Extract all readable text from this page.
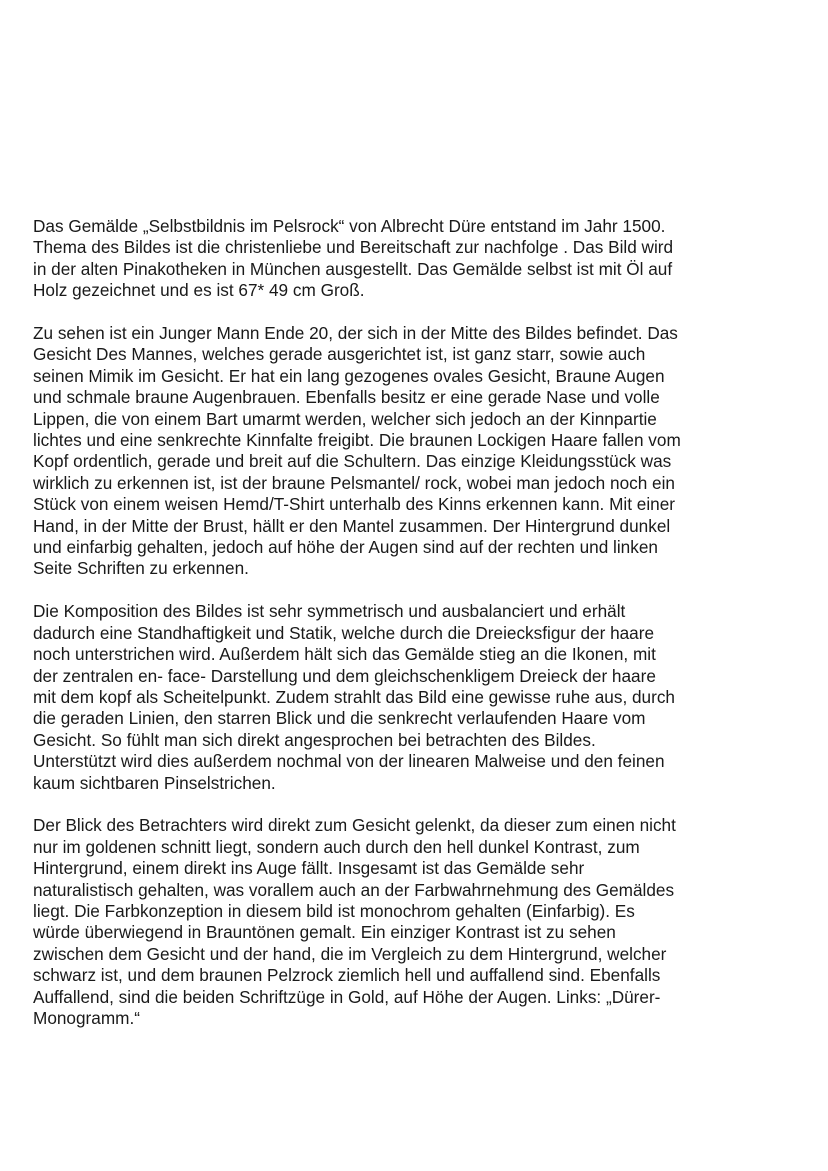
Das Gemälde „Selbstbildnis im Pelsrock“ von Albrecht Düre entstand im Jahr 1500.
Thema des Bildes ist die christenliebe und Bereitschaft zur nachfolge . Das Bild wird
in der alten Pinakotheken in München ausgestellt. Das Gemälde selbst ist mit Öl auf
Holz gezeichnet und es ist 67* 49 cm Groß.

Zu sehen ist ein Junger Mann Ende 20, der sich in der Mitte des Bildes befindet. Das
Gesicht Des Mannes, welches gerade ausgerichtet ist, ist ganz starr, sowie auch
seinen Mimik im Gesicht. Er hat ein lang gezogenes ovales Gesicht, Braune Augen
und schmale braune Augenbrauen. Ebenfalls besitz er eine gerade Nase und volle
Lippen, die von einem Bart umarmt werden, welcher sich jedoch an der Kinnpartie
lichtes und eine senkrechte Kinnfalte freigibt. Die braunen Lockigen Haare fallen vom
Kopf ordentlich, gerade und breit auf die Schultern. Das einzige Kleidungsstück was
wirklich zu erkennen ist, ist der braune Pelsmantel/ rock, wobei man jedoch noch ein
Stück von einem weisen Hemd/T-Shirt unterhalb des Kinns erkennen kann. Mit einer
Hand, in der Mitte der Brust, hällt er den Mantel zusammen. Der Hintergrund dunkel
und einfarbig gehalten, jedoch auf höhe der Augen sind auf der rechten und linken
Seite Schriften zu erkennen.

Die Komposition des Bildes ist sehr symmetrisch und ausbalanciert und erhält
dadurch eine Standhaftigkeit und Statik, welche durch die Dreiecksfigur der haare
noch unterstrichen wird. Außerdem hält sich das Gemälde stieg an die Ikonen, mit
der zentralen en- face- Darstellung und dem gleichschenkligem Dreieck der haare
mit dem kopf als Scheitelpunkt. Zudem strahlt das Bild eine gewisse ruhe aus, durch
die geraden Linien, den starren Blick und die senkrecht verlaufenden Haare vom
Gesicht. So fühlt man sich direkt angesprochen bei betrachten des Bildes.
Unterstützt wird dies außerdem nochmal von der linearen Malweise und den feinen
kaum sichtbaren Pinselstrichen.

Der Blick des Betrachters wird direkt zum Gesicht gelenkt, da dieser zum einen nicht
nur im goldenen schnitt liegt, sondern auch durch den hell dunkel Kontrast, zum
Hintergrund, einem direkt ins Auge fällt. Insgesamt ist das Gemälde sehr
naturalistisch gehalten, was vorallem auch an der Farbwahrnehmung des Gemäldes
liegt. Die Farbkonzeption in diesem bild ist monochrom gehalten (Einfarbig). Es
würde überwiegend in Brauntönen gemalt. Ein einziger Kontrast ist zu sehen
zwischen dem Gesicht und der hand, die im Vergleich zu dem Hintergrund, welcher
schwarz ist, und dem braunen Pelzrock ziemlich hell und auffallend sind. Ebenfalls
Auffallend, sind die beiden Schriftzüge in Gold, auf Höhe der Augen. Links: „Dürer-
Monogramm.“
